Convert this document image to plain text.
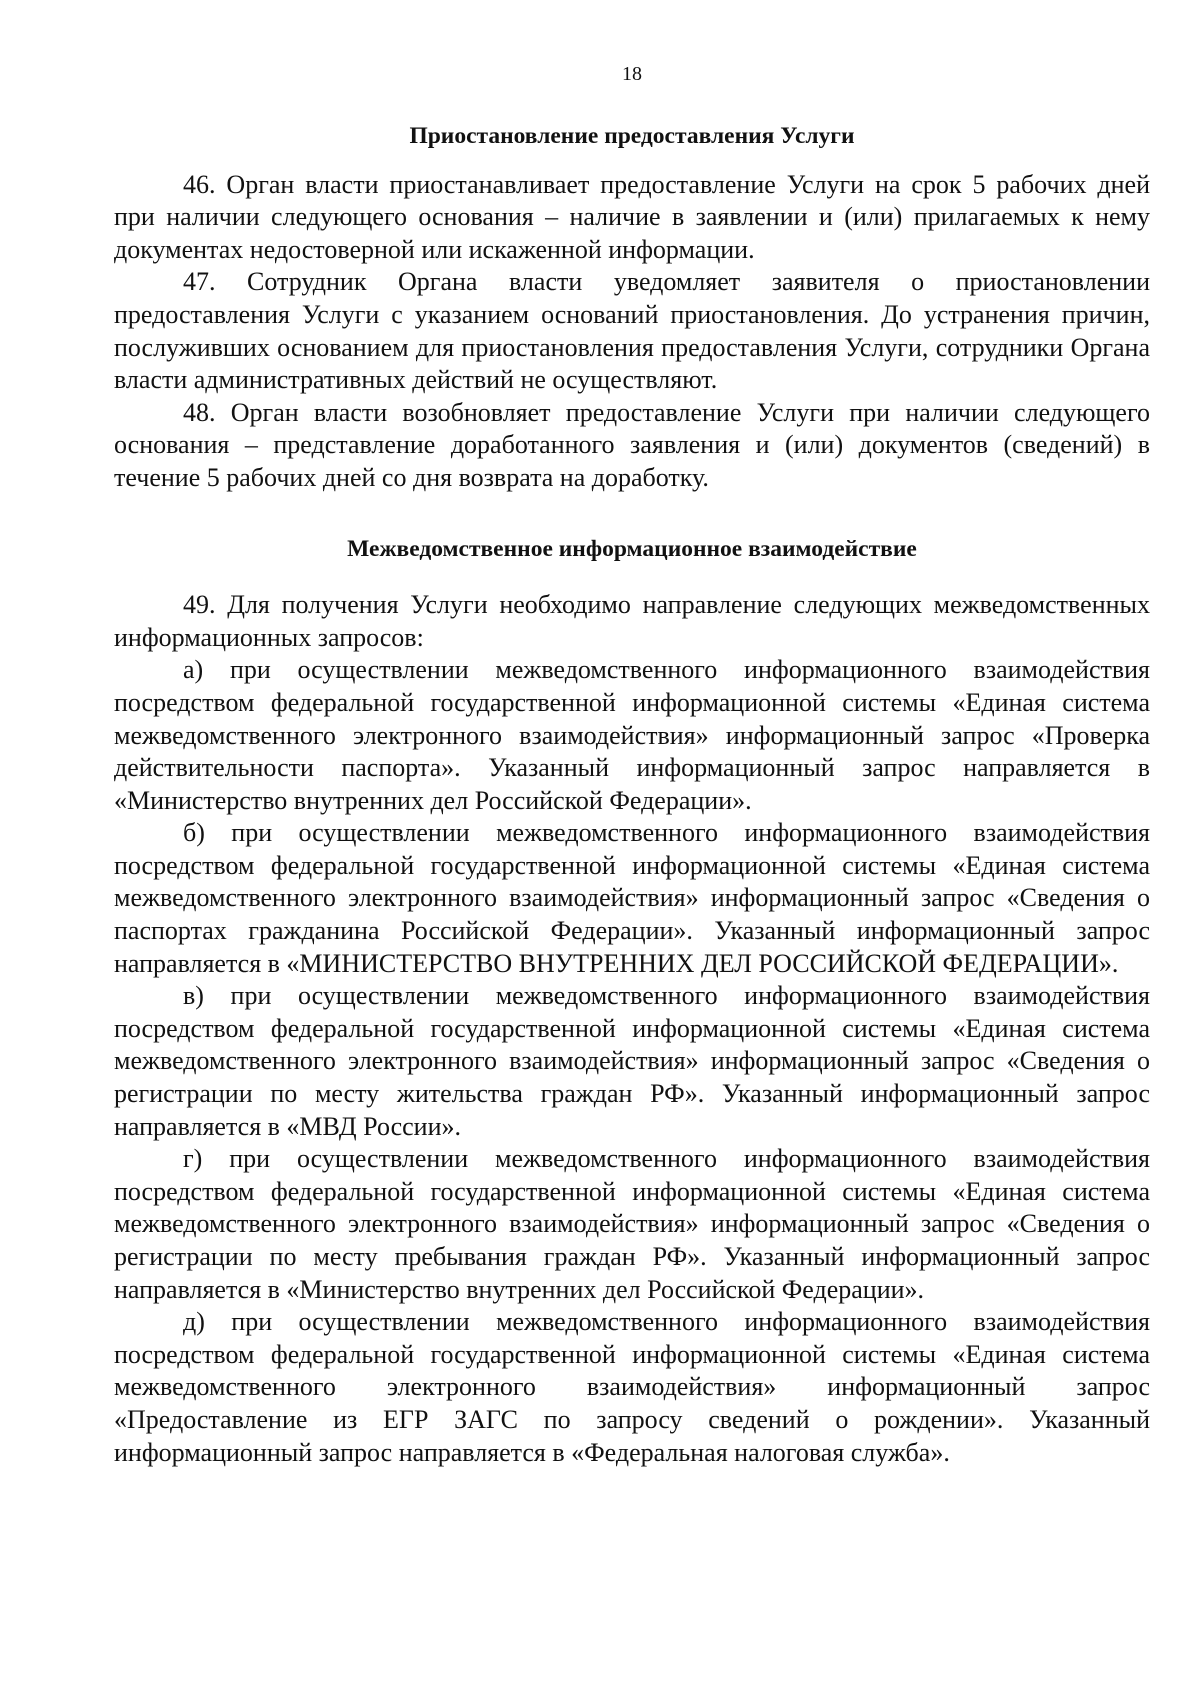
18
Приостановление предоставления Услуги

46. Орган власти приостанавливает предоставление Услуги на срок 5 рабочих дней при наличии следующего основания – наличие в заявлении и (или) прилагаемых к нему документах недостоверной или искаженной информации.

47. Сотрудник Органа власти уведомляет заявителя о приостановлении предоставления Услуги с указанием оснований приостановления. До устранения причин, послуживших основанием для приостановления предоставления Услуги, сотрудники Органа власти административных действий не осуществляют.

48. Орган власти возобновляет предоставление Услуги при наличии следующего основания – представление доработанного заявления и (или) документов (сведений) в течение 5 рабочих дней со дня возврата на доработку.

Межведомственное информационное взаимодействие

49. Для получения Услуги необходимо направление следующих межведомственных информационных запросов:

а) при осуществлении межведомственного информационного взаимодействия посредством федеральной государственной информационной системы «Единая система межведомственного электронного взаимодействия» информационный запрос «Проверка действительности паспорта». Указанный информационный запрос направляется в «Министерство внутренних дел Российской Федерации».

б) при осуществлении межведомственного информационного взаимодействия посредством федеральной государственной информационной системы «Единая система межведомственного электронного взаимодействия» информационный запрос «Сведения о паспортах гражданина Российской Федерации». Указанный информационный запрос направляется в «МИНИСТЕРСТВО ВНУТРЕННИХ ДЕЛ РОССИЙСКОЙ ФЕДЕРАЦИИ».

в) при осуществлении межведомственного информационного взаимодействия посредством федеральной государственной информационной системы «Единая система межведомственного электронного взаимодействия» информационный запрос «Сведения о регистрации по месту жительства граждан РФ». Указанный информационный запрос направляется в «МВД России».

г) при осуществлении межведомственного информационного взаимодействия посредством федеральной государственной информационной системы «Единая система межведомственного электронного взаимодействия» информационный запрос «Сведения о регистрации по месту пребывания граждан РФ». Указанный информационный запрос направляется в «Министерство внутренних дел Российской Федерации».

д) при осуществлении межведомственного информационного взаимодействия посредством федеральной государственной информационной системы «Единая система межведомственного электронного взаимодействия» информационный запрос «Предоставление из ЕГР ЗАГС по запросу сведений о рождении». Указанный информационный запрос направляется в «Федеральная налоговая служба».
